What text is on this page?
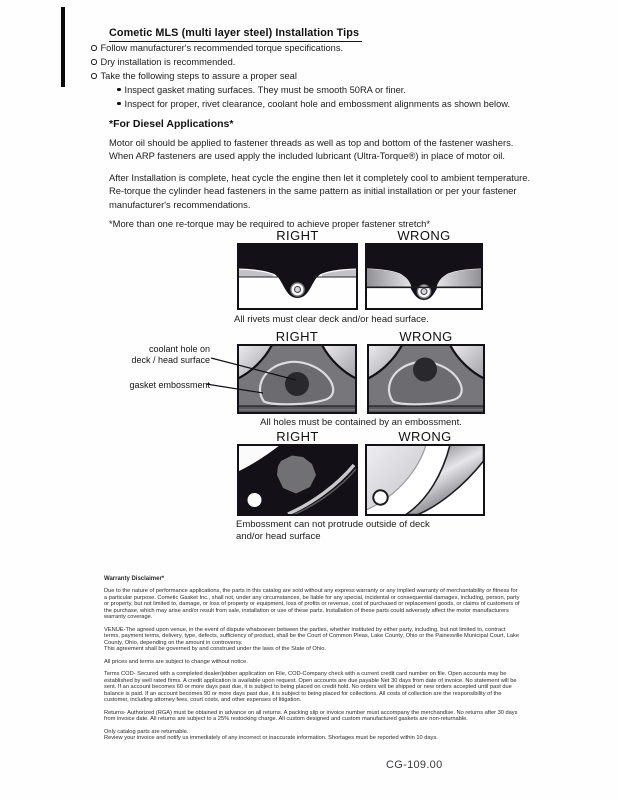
Cometic MLS (multi layer steel) Installation Tips
Follow manufacturer's recommended torque specifications.
Dry installation is recommended.
Take the following steps to assure a proper seal
Inspect gasket mating surfaces. They must be smooth 50RA or finer.
Inspect for proper, rivet clearance, coolant hole and embossment alignments as shown below.
*For Diesel Applications*
Motor oil should be applied to fastener threads as well as top and bottom of the fastener washers. When ARP fasteners are used apply the included lubricant (Ultra-Torque®) in place of motor oil.
After Installation is complete, heat cycle the engine then let it completely cool to ambient temperature. Re-torque the cylinder head fasteners in the same pattern as initial installation or per your fastener manufacturer's recommendations.
*More than one re-torque may be required to achieve proper fastener stretch*
RIGHT	WRONG
All rivets must clear deck and/or head surface.
coolant hole on
deck / head surface
gasket embossment
RIGHT	WRONG
All holes must be contained by an embossment.
RIGHT	WRONG
Embossment can not protrude outside of deck
and/or head surface

Warranty Disclaimer*

Due to the nature of performance applications, the parts in this catalog are sold without any express warranty or any implied warranty of merchantability or fitness for a particular purpose. Cometic Gasket Inc., shall not, under any circumstances, be liable for any special, incidental or consequential damages, including, person, party or property, but not limited to, damage, or loss of property or equipment, loss of profits or revenue, cost of purchased or replacement goods, or claims of customers of the purchase, which may arise and/or result from sale, installation or use of these parts. Installation of these parts could adversely affect the motor manufacturers warranty coverage.

VENUE-The agreed upon venue, in the event of dispute whatsoever between the parties, whether instituted by either party, including, but not limited to, contract terms, payment terms, delivery, type, defects, sufficiency of product, shall be the Court of Common Pleas, Lake County, Ohio or the Painesville Municipal Court, Lake County, Ohio, depending on the amount in controversy.

This agreement shall be governed by and construed under the laws of the State of Ohio.

All prices and terms are subject to change without notice.

Terms COD- Secured with a completed dealer/jobber application on File, COD-Company check with a current credit card number on file. Open accounts may be established by well rated firms. A credit application is available upon request. Open accounts are due payable Net 30 days from date of invoice. No statement will be sent. If an account becomes 60 or more days past due, it is subject to being placed on credit hold. No orders will be shipped or new orders accepted until past due balance is paid. If an account becomes 90 or more days past due, it is subject to being placed for collections. All costs of collection are the responsibility of the customer, including attorney fees, court costs, and other expenses of litigation.

Returns- Authorized (RGA) must be obtained in advance on all returns. A packing slip or invoice number must accompany the merchandise. No returns after 30 days from invoice date. All returns are subject to a 25% restocking charge. All custom designed and custom manufactured gaskets are non-returnable.

Only catalog parts are returnable.

Review your invoice and notify us immediately of any incorrect or inaccurate information. Shortages must be reported within 10 days.

CG-109.00
